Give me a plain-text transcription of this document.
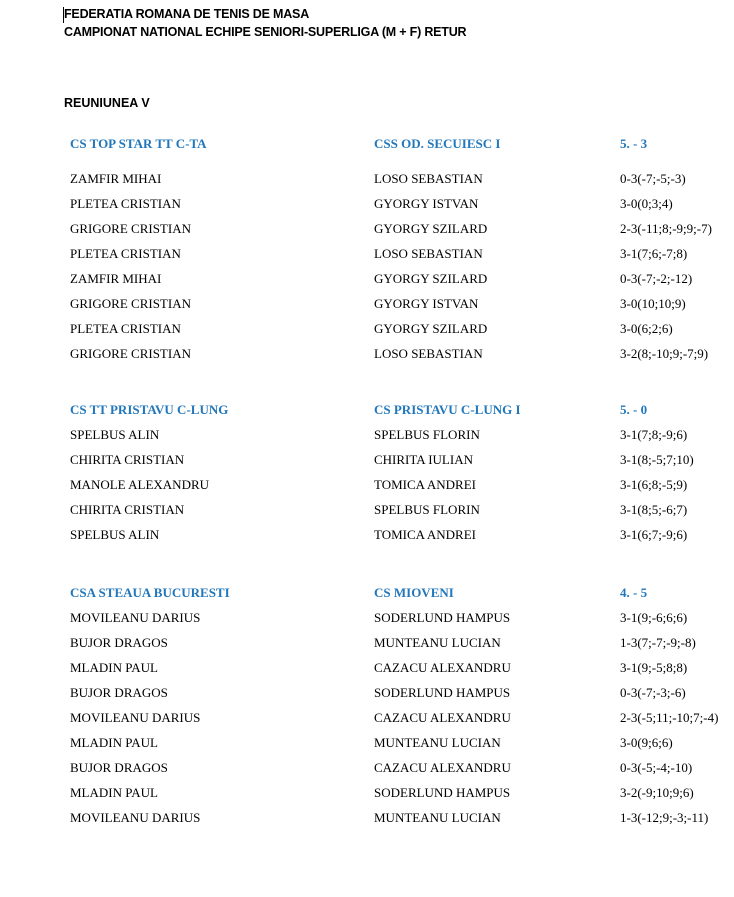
FEDERATIA ROMANA DE TENIS DE MASA
CAMPIONAT NATIONAL ECHIPE SENIORI-SUPERLIGA (M + F) RETUR
REUNIUNEA V
CS TOP STAR TT C-TA	CSS OD. SECUIESC I	5. - 3
ZAMFIR MIHAI	LOSO SEBASTIAN	0-3(-7;-5;-3)
PLETEA CRISTIAN	GYORGY ISTVAN	3-0(0;3;4)
GRIGORE CRISTIAN	GYORGY SZILARD	2-3(-11;8;-9;9;-7)
PLETEA CRISTIAN	LOSO SEBASTIAN	3-1(7;6;-7;8)
ZAMFIR MIHAI	GYORGY SZILARD	0-3(-7;-2;-12)
GRIGORE CRISTIAN	GYORGY ISTVAN	3-0(10;10;9)
PLETEA CRISTIAN	GYORGY SZILARD	3-0(6;2;6)
GRIGORE CRISTIAN	LOSO SEBASTIAN	3-2(8;-10;9;-7;9)
CS TT PRISTAVU C-LUNG	CS PRISTAVU C-LUNG I	5. - 0
SPELBUS ALIN	SPELBUS FLORIN	3-1(7;8;-9;6)
CHIRITA CRISTIAN	CHIRITA IULIAN	3-1(8;-5;7;10)
MANOLE ALEXANDRU	TOMICA ANDREI	3-1(6;8;-5;9)
CHIRITA CRISTIAN	SPELBUS FLORIN	3-1(8;5;-6;7)
SPELBUS ALIN	TOMICA ANDREI	3-1(6;7;-9;6)
CSA STEAUA BUCURESTI	CS MIOVENI	4. - 5
MOVILEANU DARIUS	SODERLUND HAMPUS	3-1(9;-6;6;6)
BUJOR DRAGOS	MUNTEANU LUCIAN	1-3(7;-7;-9;-8)
MLADIN PAUL	CAZACU ALEXANDRU	3-1(9;-5;8;8)
BUJOR DRAGOS	SODERLUND HAMPUS	0-3(-7;-3;-6)
MOVILEANU DARIUS	CAZACU ALEXANDRU	2-3(-5;11;-10;7;-4)
MLADIN PAUL	MUNTEANU LUCIAN	3-0(9;6;6)
BUJOR DRAGOS	CAZACU ALEXANDRU	0-3(-5;-4;-10)
MLADIN PAUL	SODERLUND HAMPUS	3-2(-9;10;9;6)
MOVILEANU DARIUS	MUNTEANU LUCIAN	1-3(-12;9;-3;-11)
